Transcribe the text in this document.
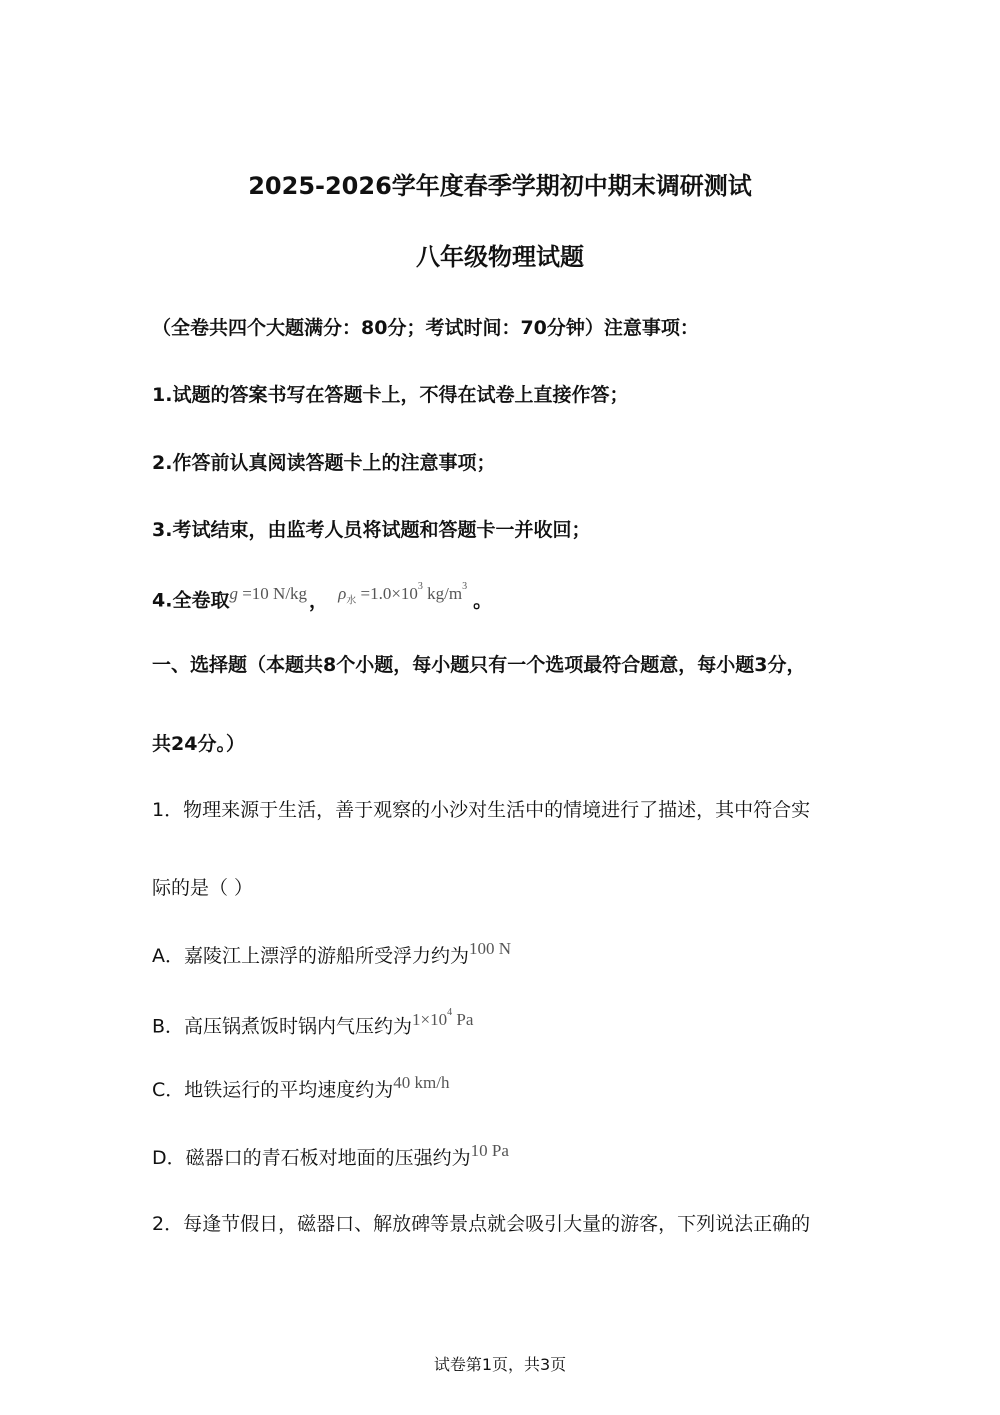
2025-2026学年度春季学期初中期末调研测试
八年级物理试题
（全卷共四个大题满分：80分；考试时间：70分钟）注意事项：
1.试题的答案书写在答题卡上，不得在试卷上直接作答；
2.作答前认真阅读答题卡上的注意事项；
3.考试结束，由监考人员将试题和答题卡一并收回；
4.全卷取g =10 N/kg ， $\rho_水 =1.0\times 10^3$ $kg/m^3$。
一、选择题（本题共8个小题，每小题只有一个选项最符合题意，每小题3分，
共24分。）
1．物理来源于生活，善于观察的小沙对生活中的情境进行了描述，其中符合实
际的是（ ）
A．嘉陵江上漂浮的游船所受浮力约为100 N
B．高压锅煮饭时锅内气压约为$1\times 10^4$ Pa
C．地铁运行的平均速度约为40 km/h
D．磁器口的青石板对地面的压强约为10 Pa
2．每逢节假日，磁器口、解放碑等景点就会吸引大量的游客，下列说法正确的
试卷第1页，共3页
